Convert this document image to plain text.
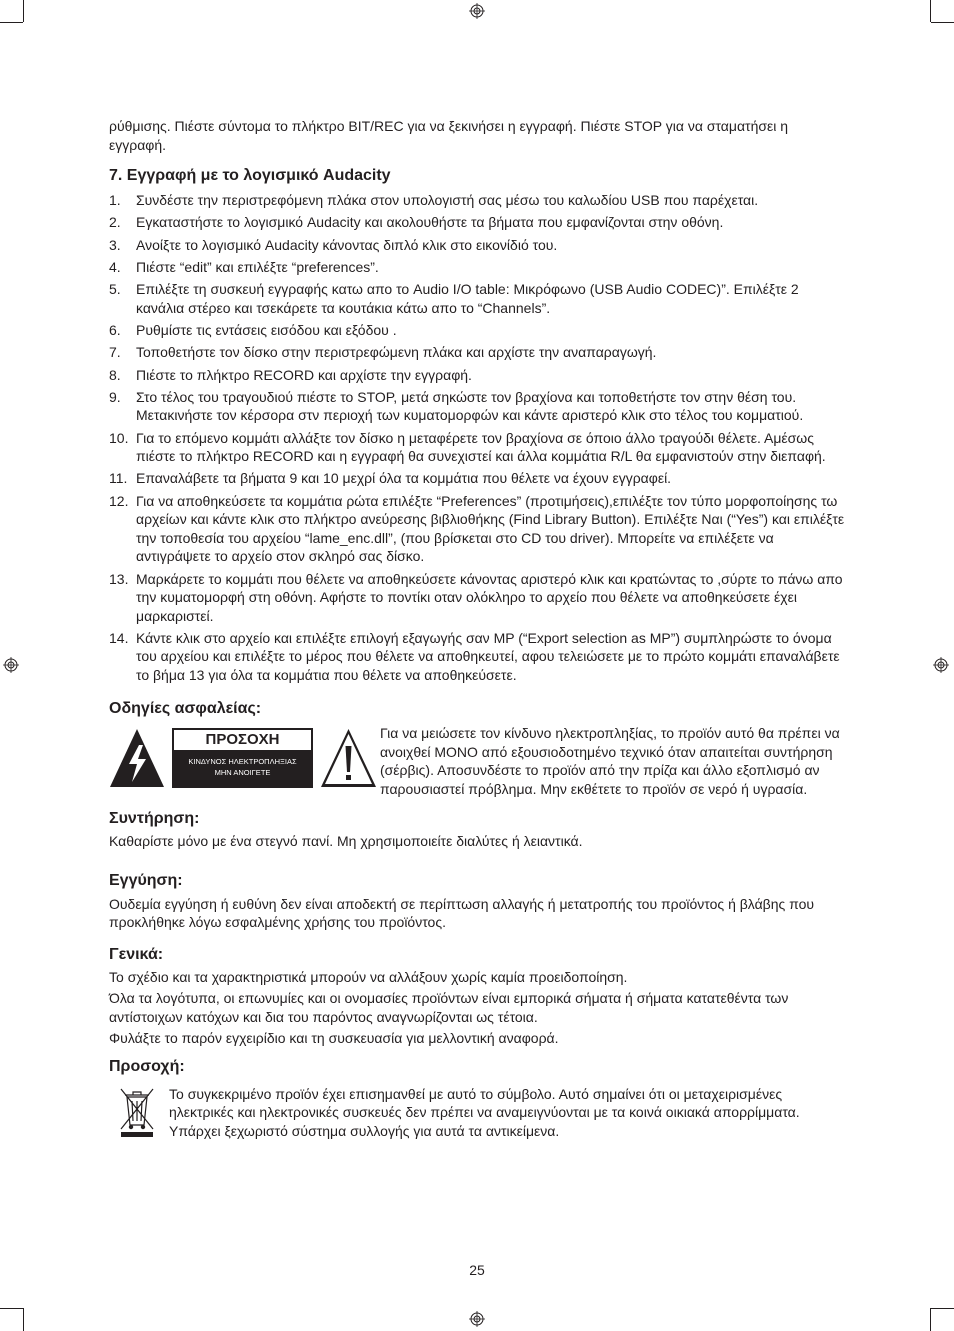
ρύθμισης. Πιέστε σύντομα το πλήκτρο BIT/REC για να ξεκινήσει η εγγραφή. Πιέστε STOP για να σταματήσει η εγγραφή.

7. Εγγραφή με το λογισμικό Audacity
1. Συνδέστε την περιστρεφόμενη πλάκα στον υπολογιστή σας μέσω του καλωδίου USB που παρέχεται.
2. Εγκαταστήστε το λογισμικό Audacity και ακολουθήστε τα βήματα που εμφανίζονται στην οθόνη.
3. Ανοίξτε το λογισμικό Audacity κάνοντας διπλό κλικ στο εικονίδιό του.
4. Πιέστε “edit” και επιλέξτε “preferences”.
5. Επιλέξτε τη συσκευή εγγραφής κατω απο το Audio I/O table: Μικρόφωνο (USB Audio CODEC)”. Επιλέξτε 2 κανάλια στέρεο και τσεκάρετε τα κουτάκια κάτω απο το “Channels”.
6. Ρυθμίστε τις εντάσεις εισόδου και εξόδου .
7. Τοποθετήστε τον δίσκο στην περιστρεφώμενη πλάκα και αρχίστε την αναπαραγωγή.
8. Πιέστε το πλήκτρο RECORD και αρχίστε την εγγραφή.
9. Στο τέλος του τραγουδιού πιέστε το STOP, μετά σηκώστε τον βραχίονα και τοποθετήστε τον στην θέση του. Μετακινήστε τον κέρσορα στν περιοχή των κυματομορφών και κάντε αριστερό κλικ στο τέλος του κομματιού.
10. Για το επόμενο κομμάτι αλλάξτε τον δίσκο η μεταφέρετε τον βραχίονα σε όποιο άλλο τραγούδι θέλετε. Αμέσως πιέστε το πλήκτρο RECORD και η εγγραφή θα συνεχιστεί και άλλα κομμάτια R/L θα εμφανιστούν στην διεπαφή.
11. Επαναλάβετε τα βήματα 9 και 10 μεχρί όλα τα κομμάτια που θέλετε να έχουν εγγραφεί.
12. Για να αποθηκεύσετε τα κομμάτια ρώτα επιλέξτε “Preferences” (προτιμήσεις),επιλέξτε τον τύπο μορφοποίησης τω αρχείων και κάντε κλικ στο πλήκτρο ανεύρεσης βιβλιοθήκης (Find Library Button). Επιλέξτε Ναι (“Yes”) και επιλέξτε την τοποθεσία του αρχείου “lame_enc.dll”, (που βρίσκεται στο CD του driver). Μπορείτε να επιλέξετε να αντιγράψετε το αρχείο στον σκληρό σας δίσκο.
13. Μαρκάρετε το κομμάτι που θέλετε να αποθηκεύσετε κάνοντας αριστερό κλικ και κρατώντας το ,σύρτε το πάνω απο την κυματομορφή στη οθόνη. Αφήστε το ποντίκι οταν ολόκληρο το αρχείο που θέλετε να αποθηκεύσετε έχει μαρκαριστεί.
14. Κάντε κλικ στο αρχείο και επιλέξτε επιλογή εξαγωγής σαν MP (“Export selection as MP”) συμπληρώστε το όνομα του αρχείου και επιλέξτε το μέρος που θέλετε να αποθηκευτεί, αφου τελειώσετε με το πρώτο κομμάτι επαναλάβετε το βήμα 13 για όλα τα κομμάτια που θέλετε να αποθηκεύσετε.
Οδηγίες ασφαλείας:
ΠΡΟΣΟΧΗ
ΚΙΝΔΥΝΟΣ ΗΛΕΚΤΡΟΠΛΗΞΙΑΣ
ΜΗΝ ΑΝΟΙΓΕΤΕ

Για να μειώσετε τον κίνδυνο ηλεκτροπληξίας, το προϊόν αυτό θα πρέπει να ανοιχθεί ΜΟΝΟ από εξουσιοδοτημένο τεχνικό όταν απαιτείται συντήρηση (σέρβις). Αποσυνδέστε το προϊόν από την πρίζα και άλλο εξοπλισμό αν παρουσιαστεί πρόβλημα. Μην εκθέτετε το προϊόν σε νερό ή υγρασία.

Συντήρηση:

Καθαρίστε μόνο με ένα στεγνό πανί. Μη χρησιμοποιείτε διαλύτες ή λειαντικά.

Εγγύηση:

Ουδεμία εγγύηση ή ευθύνη δεν είναι αποδεκτή σε περίπτωση αλλαγής ή μετατροπής του προϊόντος ή βλάβης που προκλήθηκε λόγω εσφαλμένης χρήσης του προϊόντος.

Γενικά:

Το σχέδιο και τα χαρακτηριστικά μπορούν να αλλάξουν χωρίς καμία προειδοποίηση.

Όλα τα λογότυπα, οι επωνυμίες και οι ονομασίες προϊόντων είναι εμπορικά σήματα ή σήματα κατατεθέντα των αντίστοιχων κατόχων και δια του παρόντος αναγνωρίζονται ως τέτοια.

Φυλάξτε το παρόν εγχειρίδιο και τη συσκευασία για μελλοντική αναφορά.

Προσοχή:

Το συγκεκριμένο προϊόν έχει επισημανθεί με αυτό το σύμβολο. Αυτό σημαίνει ότι οι μεταχειρισμένες ηλεκτρικές και ηλεκτρονικές συσκευές δεν πρέπει να αναμειγνύονται με τα κοινά οικιακά απορρίμματα. Υπάρχει ξεχωριστό σύστημα συλλογής για αυτά τα αντικείμενα.

25
